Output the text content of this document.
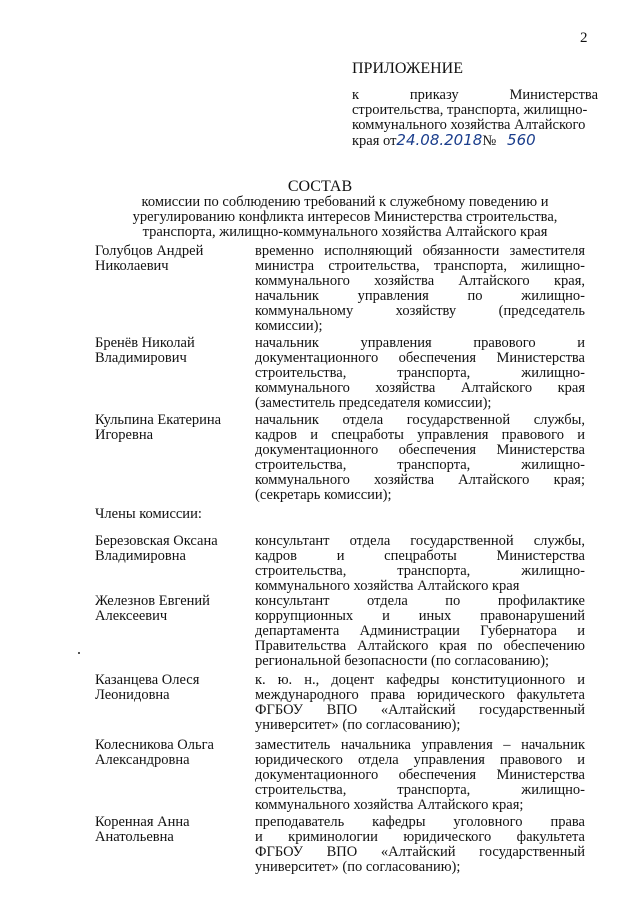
2
ПРИЛОЖЕНИЕ
к	приказу	Министерства
строительства, транспорта, жилищно-
коммунального хозяйства Алтайского
края от24.08.2018№ 560
СОСТАВ
комиссии по соблюдению требований к служебному поведению и
урегулированию конфликта интересов Министерства строительства,
транспорта, жилищно-коммунального хозяйства Алтайского края
Члены комиссии:
Голубцов Андрей
Николаевич
временно исполняющий обязанности заместителя
министра строительства, транспорта, жилищно-
коммунального хозяйства Алтайского края,
начальник управления по жилищно-
коммунальному хозяйству (председатель
комиссии);
Бренёв Николай
Владимирович
начальник управления правового и
документационного обеспечения Министерства
строительства, транспорта, жилищно-
коммунального хозяйства Алтайского края
(заместитель председателя комиссии);
Кульпина Екатерина
Игоревна
начальник отдела государственной службы,
кадров и спецработы управления правового и
документационного обеспечения Министерства
строительства, транспорта, жилищно-
коммунального хозяйства Алтайского края;
(секретарь комиссии);
Березовская Оксана
Владимировна
консультант отдела государственной службы,
кадров и спецработы Министерства
строительства, транспорта, жилищно-
коммунального хозяйства Алтайского края
Железнов Евгений
Алексеевич
консультант отдела по профилактике
коррупционных и иных правонарушений
департамента Администрации Губернатора и
Правительства Алтайского края по обеспечению
региональной безопасности (по согласованию);
Казанцева Олеся
Леонидовна
к. ю. н., доцент кафедры конституционного и
международного права юридического факультета
ФГБОУ ВПО «Алтайский государственный
университет» (по согласованию);
Колесникова Ольга
Александровна
заместитель начальника управления – начальник
юридического отдела управления правового и
документационного обеспечения Министерства
строительства, транспорта, жилищно-
коммунального хозяйства Алтайского края;
Коренная Анна
Анатольевна
преподаватель кафедры уголовного права
и криминологии юридического факультета
ФГБОУ ВПО «Алтайский государственный
университет» (по согласованию);
